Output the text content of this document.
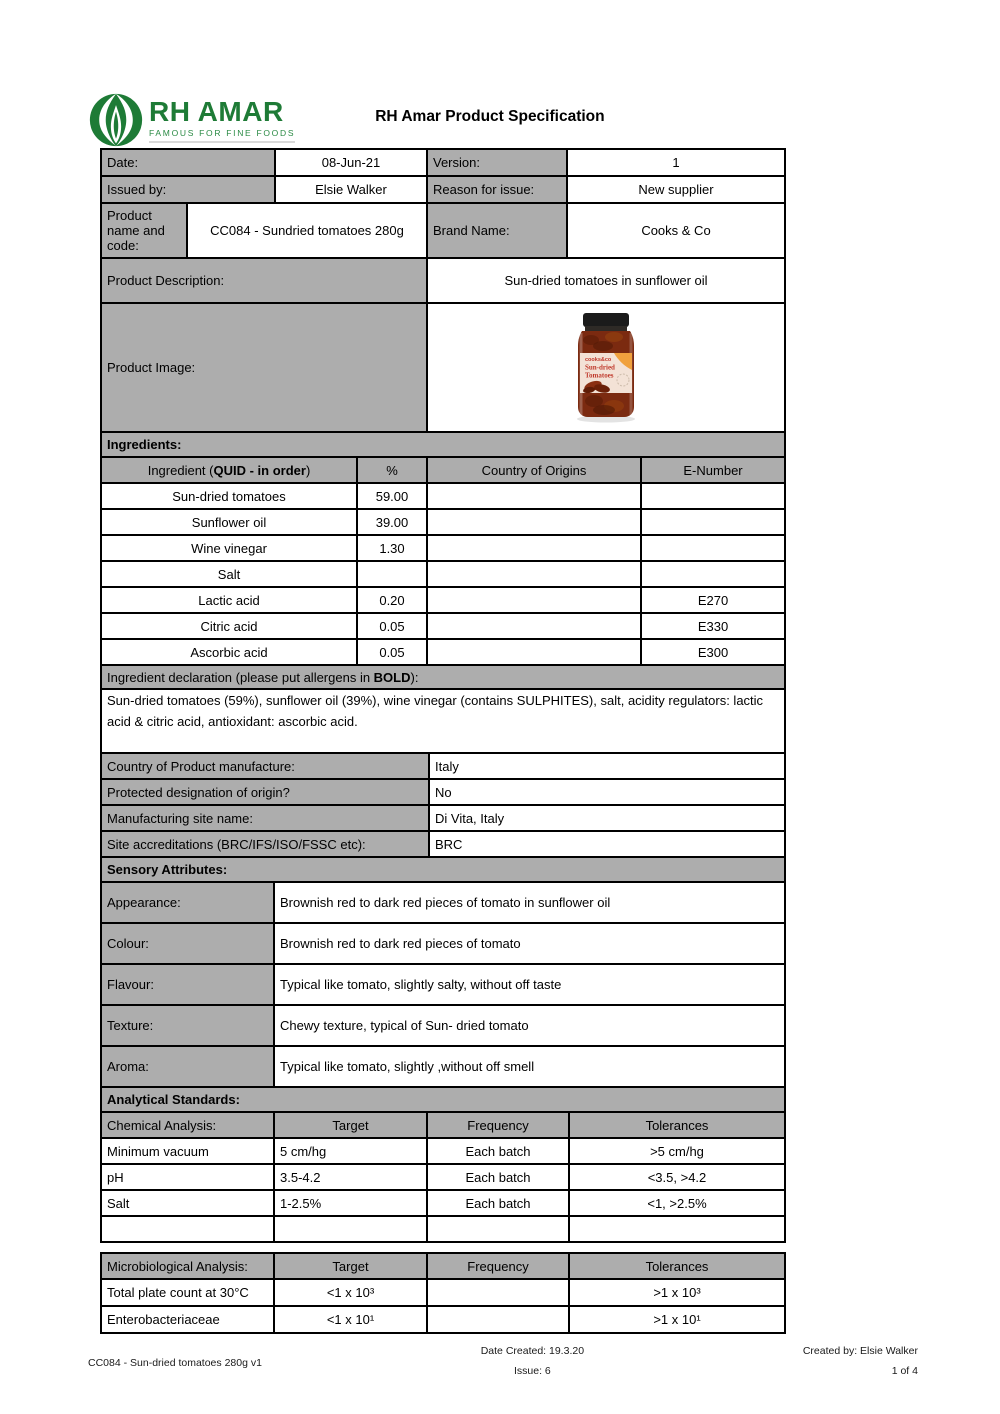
RH AMAR
FAMOUS FOR FINE FOODS
RH Amar Product Specification
Date:	08-Jun-21	Version:	1
Issued by:	Elsie Walker	Reason for issue:	New supplier
Product name and code:	CC084 - Sundried tomatoes 280g	Brand Name:	Cooks & Co
Product Description:	Sun-dried tomatoes in sunflower oil
Product Image:	cooks&co
Sun-dried
Tomatoes
Ingredients:			
Ingredient (QUID - in order)	%	Country of Origins	E-Number
Sun-dried tomatoes	59.00		
Sunflower oil	39.00		
Wine vinegar	1.30		
Salt			
Lactic acid	0.20		E270
Citric acid	0.05		E330
Ascorbic acid	0.05		E300
Ingredient declaration (please put allergens in BOLD):
Sun-dried tomatoes (59%), sunflower oil (39%), wine vinegar (contains SULPHITES), salt, acidity regulators: lactic acid & citric acid, antioxidant: ascorbic acid.
Country of Product manufacture:	Italy
Protected designation of origin?	No
Manufacturing site name:	Di Vita, Italy
Site accreditations (BRC/IFS/ISO/FSSC etc):	BRC
Sensory Attributes:	
Appearance:	Brownish red to dark red pieces of tomato in sunflower oil
Colour:	Brownish red to dark red pieces of tomato
Flavour:	Typical like tomato, slightly salty, without off taste
Texture:	Chewy texture, typical of Sun- dried tomato
Aroma:	Typical like tomato, slightly ,without off smell
Analytical Standards:			
Chemical Analysis:	Target	Frequency	Tolerances
Minimum vacuum	5 cm/hg	Each batch	>5 cm/hg
pH	3.5-4.2	Each batch	<3.5, >4.2
Salt	1-2.5%	Each batch	<1, >2.5%

Microbiological Analysis:	Target	Frequency	Tolerances
Total plate count at 30°C	<1 x 10³		>1 x 10³
Enterobacteriaceae	<1 x 10¹		>1 x 10¹
CC084 - Sun-dried tomatoes 280g v1
Date Created: 19.3.20
Issue: 6
Created by: Elsie Walker
1 of 4
